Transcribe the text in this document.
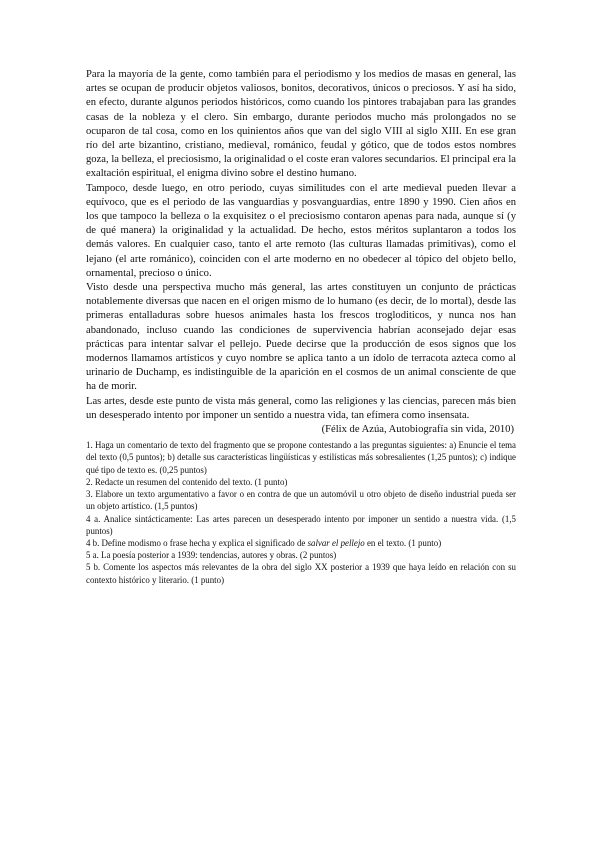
Para la mayoría de la gente, como también para el periodismo y los medios de masas en general, las artes se ocupan de producir objetos valiosos, bonitos, decorativos, únicos o preciosos. Y así ha sido, en efecto, durante algunos periodos históricos, como cuando los pintores trabajaban para las grandes casas de la nobleza y el clero. Sin embargo, durante periodos mucho más prolongados no se ocuparon de tal cosa, como en los quinientos años que van del siglo VIII al siglo XIII. En ese gran río del arte bizantino, cristiano, medieval, románico, feudal y gótico, que de todos estos nombres goza, la belleza, el preciosismo, la originalidad o el coste eran valores secundarios. El principal era la exaltación espiritual, el enigma divino sobre el destino humano.

Tampoco, desde luego, en otro periodo, cuyas similitudes con el arte medieval pueden llevar a equívoco, que es el periodo de las vanguardias y posvanguardias, entre 1890 y 1990. Cien años en los que tampoco la belleza o la exquisitez o el preciosismo contaron apenas para nada, aunque sí (y de qué manera) la originalidad y la actualidad. De hecho, estos méritos suplantaron a todos los demás valores. En cualquier caso, tanto el arte remoto (las culturas llamadas primitivas), como el lejano (el arte románico), coinciden con el arte moderno en no obedecer al tópico del objeto bello, ornamental, precioso o único.

Visto desde una perspectiva mucho más general, las artes constituyen un conjunto de prácticas notablemente diversas que nacen en el origen mismo de lo humano (es decir, de lo mortal), desde las primeras entalladuras sobre huesos animales hasta los frescos trogloditicos, y nunca nos han abandonado, incluso cuando las condiciones de supervivencia habrían aconsejado dejar esas prácticas para intentar salvar el pellejo. Puede decirse que la producción de esos signos que los modernos llamamos artísticos y cuyo nombre se aplica tanto a un ídolo de terracota azteca como al urinario de Duchamp, es indistinguible de la aparición en el cosmos de un animal consciente de que ha de morir.

Las artes, desde este punto de vista más general, como las religiones y las ciencias, parecen más bien un desesperado intento por imponer un sentido a nuestra vida, tan efímera como insensata.

(Félix de Azúa, Autobiografía sin vida, 2010)

1. Haga un comentario de texto del fragmento que se propone contestando a las preguntas siguientes: a) Enuncie el tema del texto (0,5 puntos); b) detalle sus características lingüísticas y estilísticas más sobresalientes (1,25 puntos); c) indique qué tipo de texto es. (0,25 puntos)

2. Redacte un resumen del contenido del texto. (1 punto)

3. Elabore un texto argumentativo a favor o en contra de que un automóvil u otro objeto de diseño industrial pueda ser un objeto artístico. (1,5 puntos)

4 a. Analice sintácticamente: Las artes parecen un desesperado intento por imponer un sentido a nuestra vida. (1,5 puntos)

4 b. Define modismo o frase hecha y explica el significado de salvar el pellejo en el texto. (1 punto)

5 a. La poesía posterior a 1939: tendencias, autores y obras. (2 puntos)

5 b. Comente los aspectos más relevantes de la obra del siglo XX posterior a 1939 que haya leído en relación con su contexto histórico y literario. (1 punto)
